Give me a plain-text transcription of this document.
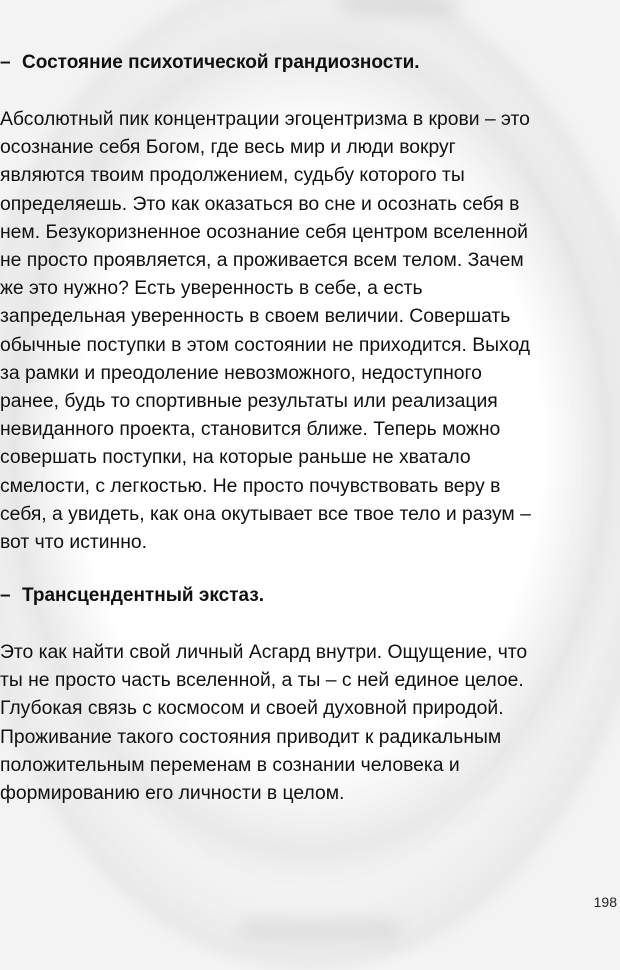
– Состояние психотической грандиозности.

Абсолютный пик концентрации эгоцентризма в крови – это
осознание себя Богом, где весь мир и люди вокруг
являются твоим продолжением, судьбу которого ты
определяешь. Это как оказаться во сне и осознать себя в
нем. Безукоризненное осознание себя центром вселенной
не просто проявляется, а проживается всем телом. Зачем
же это нужно? Есть уверенность в себе, а есть
запредельная уверенность в своем величии. Совершать
обычные поступки в этом состоянии не приходится. Выход
за рамки и преодоление невозможного, недоступного
ранее, будь то спортивные результаты или реализация
невиданного проекта, становится ближе. Теперь можно
совершать поступки, на которые раньше не хватало
смелости, с легкостью. Не просто почувствовать веру в
себя, а увидеть, как она окутывает все твое тело и разум –
вот что истинно.

– Трансцендентный экстаз.

Это как найти свой личный Асгард внутри. Ощущение, что
ты не просто часть вселенной, а ты – с ней единое целое.
Глубокая связь с космосом и своей духовной природой.
Проживание такого состояния приводит к радикальным
положительным переменам в сознании человека и
формированию его личности в целом.

198
